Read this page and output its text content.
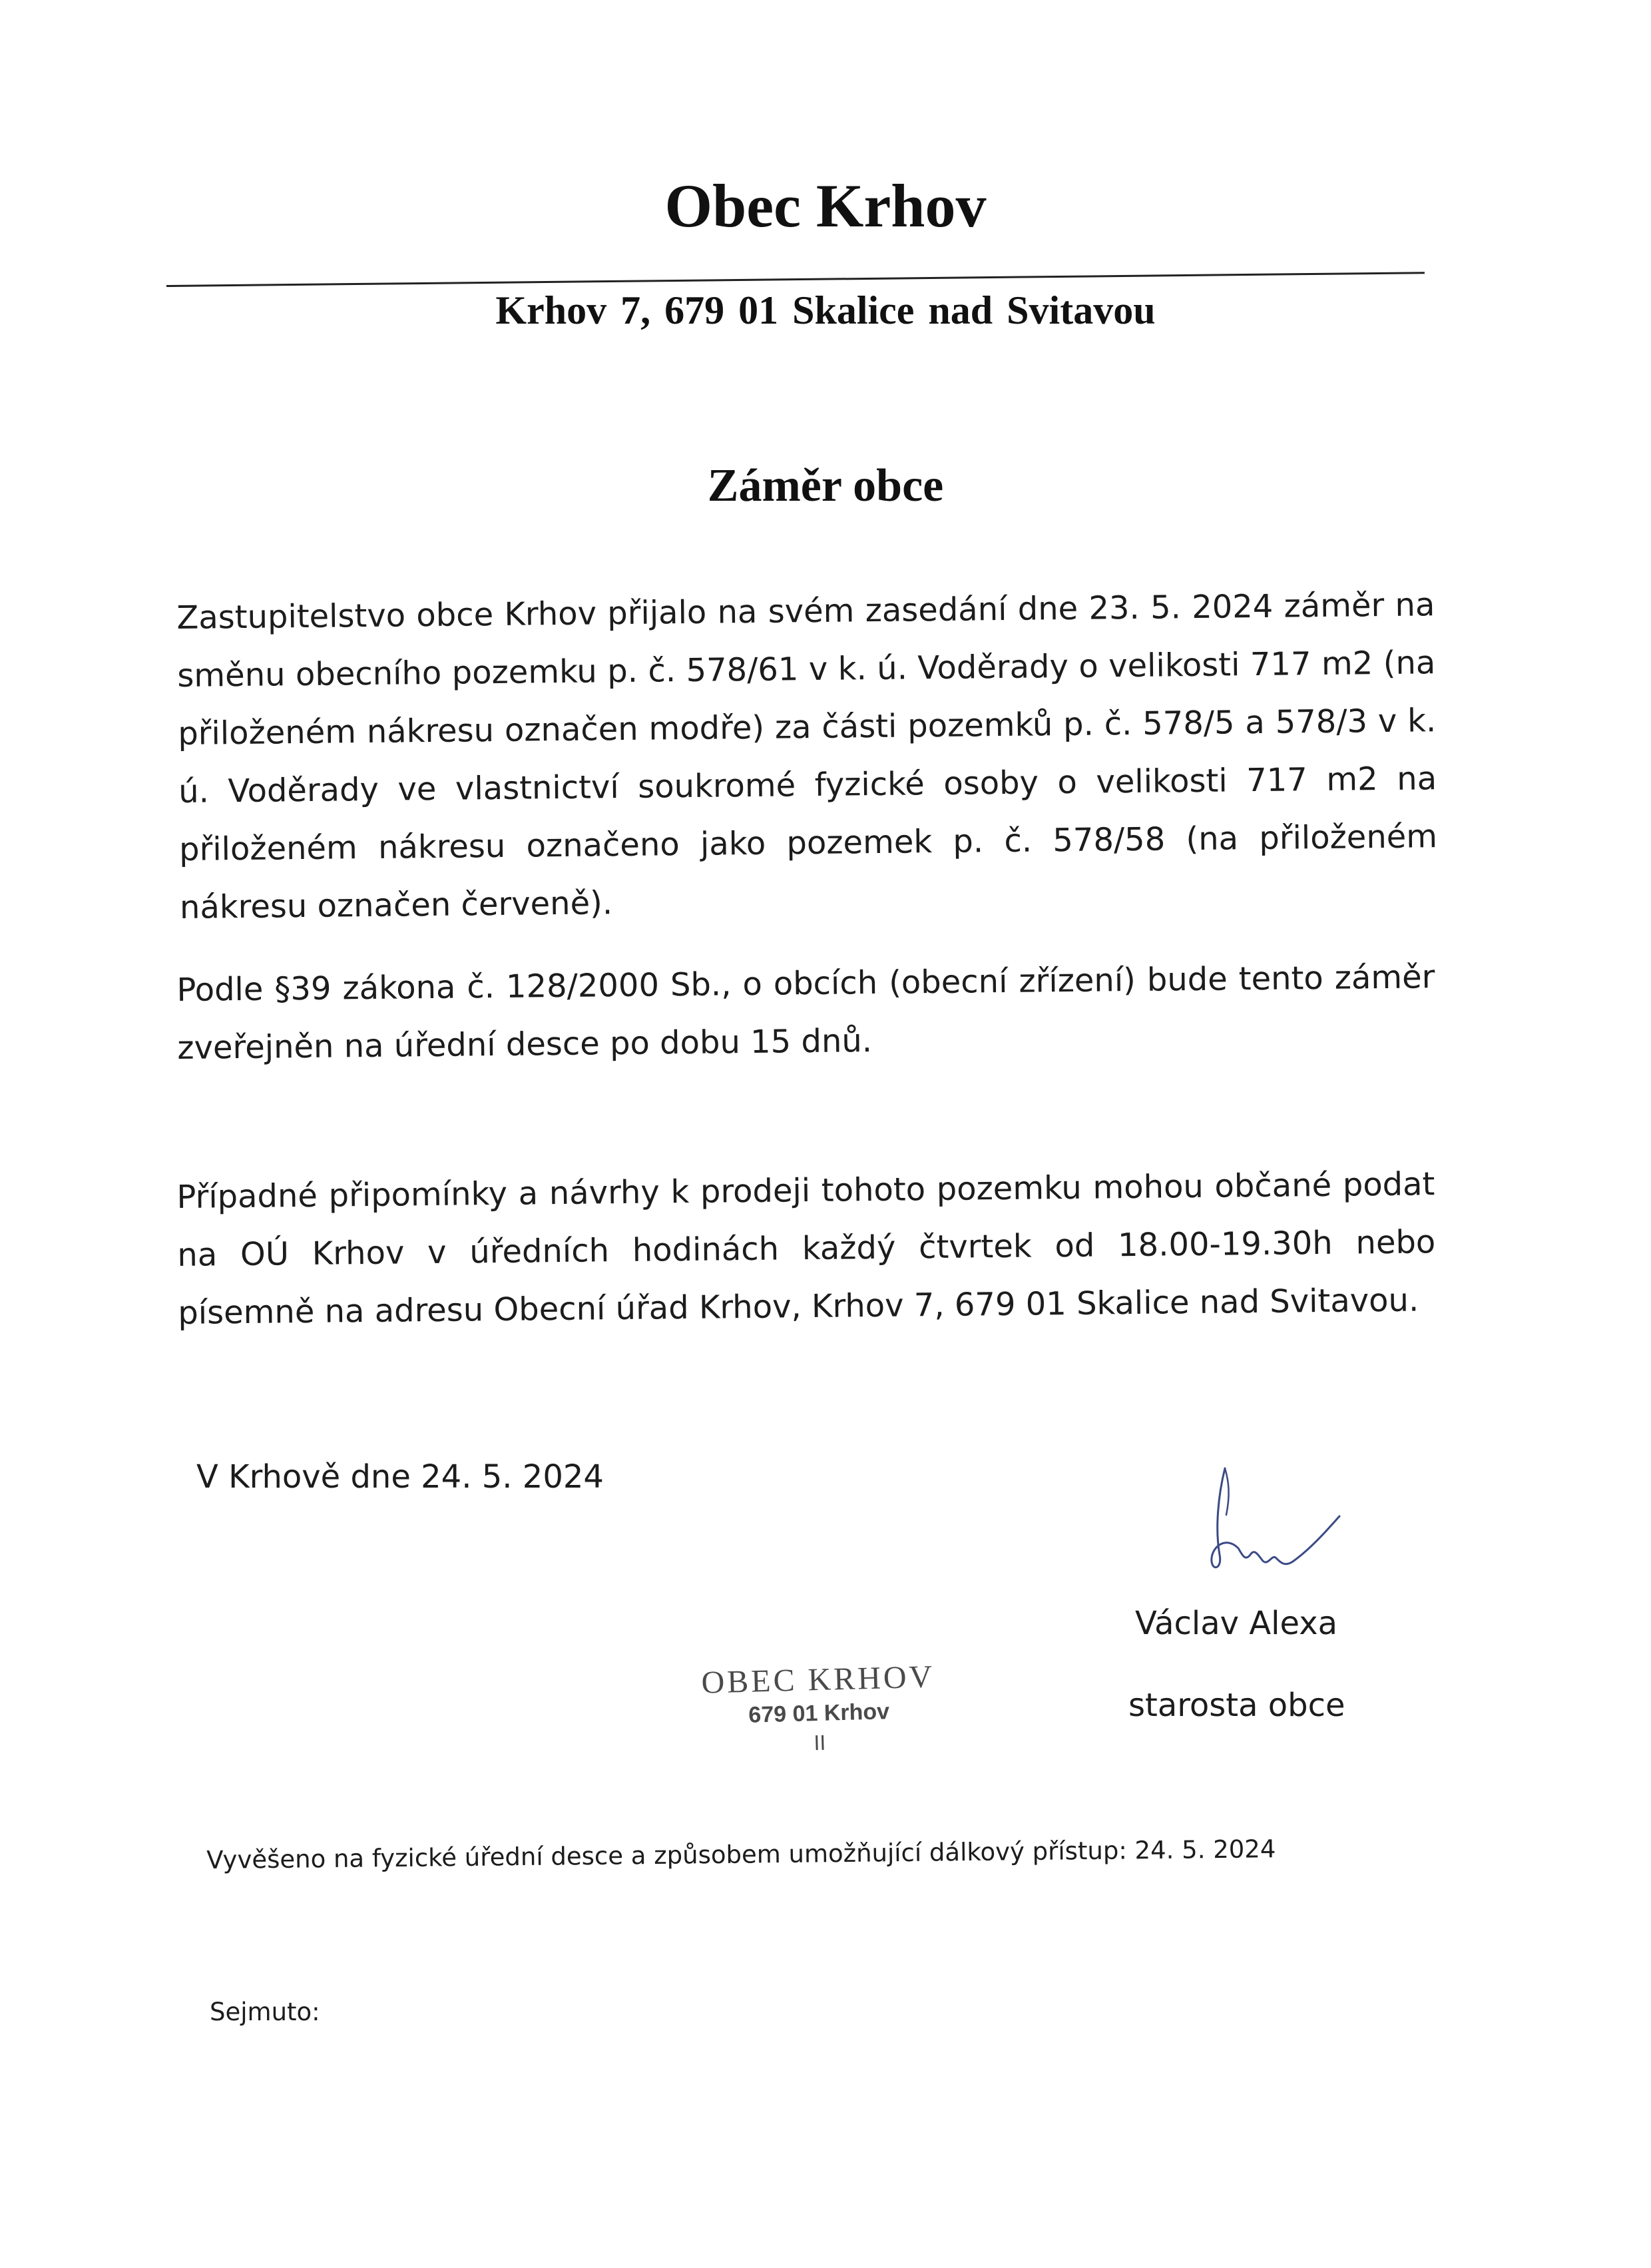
Obec Krhov
Krhov 7, 679 01 Skalice nad Svitavou
Záměr obce
Zastupitelstvo obce Krhov přijalo na svém zasedání dne 23. 5. 2024 záměr na směnu obecního pozemku p. č. 578/61 v k. ú. Voděrady o velikosti 717 m2 (na přiloženém nákresu označen modře) za části pozemků p. č. 578/5 a 578/3 v k. ú. Voděrady ve vlastnictví soukromé fyzické osoby o velikosti 717 m2 na přiloženém nákresu označeno jako pozemek p. č. 578/58 (na přiloženém nákresu označen červeně).
Podle §39 zákona č. 128/2000 Sb., o obcích (obecní zřízení) bude tento záměr zveřejněn na úřední desce po dobu 15 dnů.
Případné připomínky a návrhy k prodeji tohoto pozemku mohou občané podat na OÚ Krhov v úředních hodinách každý čtvrtek od 18.00-19.30h nebo písemně na adresu Obecní úřad Krhov, Krhov 7, 679 01 Skalice nad Svitavou.
V Krhově dne 24. 5. 2024
Václav Alexa
starosta obce
OBEC KRHOV
679 01 Krhov
II
Vyvěšeno na fyzické úřední desce a způsobem umožňující dálkový přístup: 24. 5. 2024
Sejmuto:
